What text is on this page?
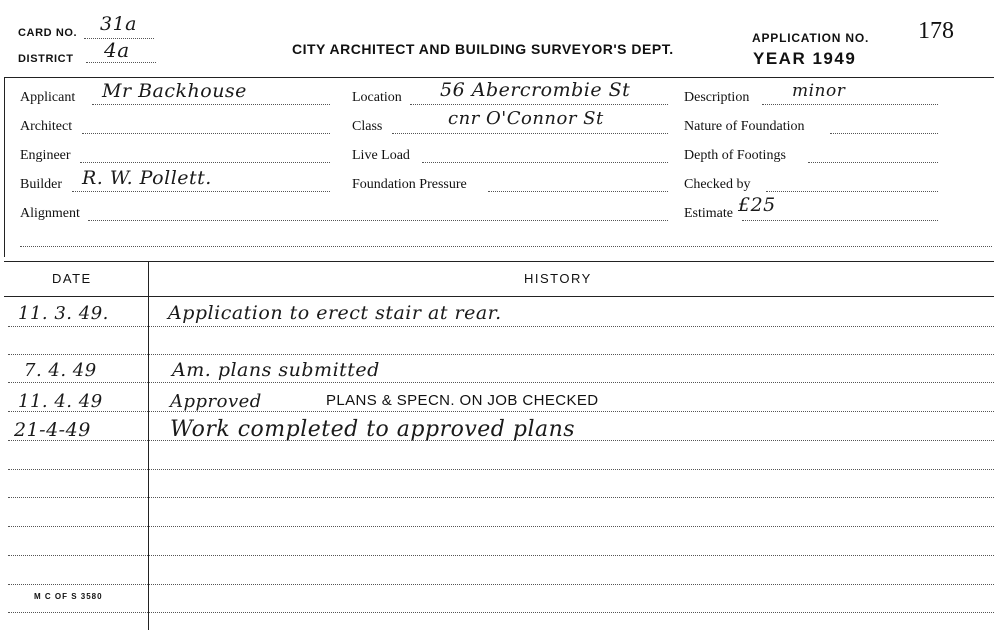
CARD NO. 31a
DISTRICT 4a	CITY ARCHITECT AND BUILDING SURVEYOR'S DEPT.
APPLICATION NO. 178
YEAR 1949
Applicant Mr Backhouse
Architect
Engineer
Builder R. W. Pollett.
Alignment
Location 56 Abercrombie St
Class	cnr O'Connor St
Live Load
Foundation Pressure
Description	minor
Nature of Foundation
Depth of Footings
Checked by
Estimate £25
DATE	HISTORY
11. 3. 49.	Application to erect stair at rear.
7. 4. 49	Am. plans submitted
11. 4. 49	Approved	PLANS & SPECN. ON JOB CHECKED
21-4-49	Work completed to approved plans
M C OF S 3580
